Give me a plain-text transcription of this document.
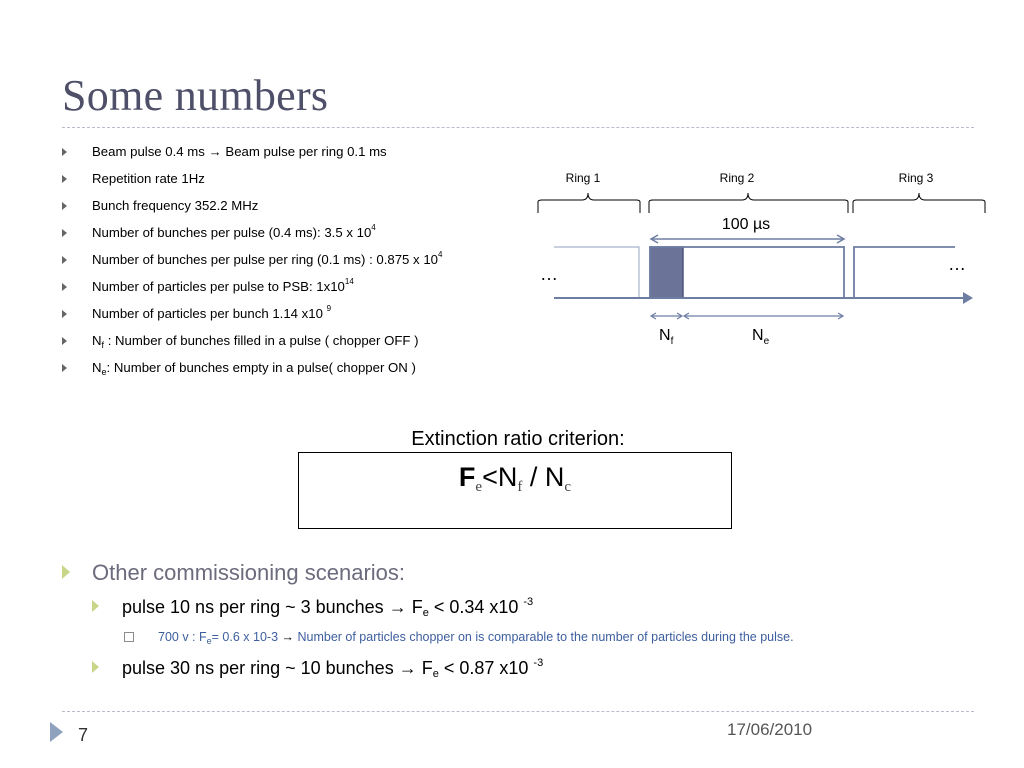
Some numbers
Beam pulse 0.4 ms → Beam pulse per ring 0.1 ms
Repetition rate 1Hz
Bunch frequency 352.2 MHz
Number of bunches per pulse (0.4 ms): 3.5 x $10^4$
Number of bunches per pulse per ring (0.1 ms) : 0.875 x $10^4$
Number of particles per pulse to PSB: $1x10^{14}$
Number of particles per bunch 1.14 x10 $^9$
$N_f$ : Number of bunches filled in a pulse ( chopper OFF )
$N_e$: Number of bunches empty in a pulse( chopper ON )
Ring 1	Ring 2	Ring 3
100 µs
…	…
$N_f$	$N_e$
Extinction ratio criterion:
$F_e<N_f / N_c$
Other commissioning scenarios:
pulse 10 ns per ring ~ 3 bunches → $F_e < 0.34$ x10 $^{-3}$
700 v : $F_e= 0.6$ x 10-3 → Number of particles chopper on is comparable to the number of particles during the pulse.
pulse 30 ns per ring ~ 10 bunches → $F_e < 0.87$ x10 $^{-3}$
7	17/06/2010
